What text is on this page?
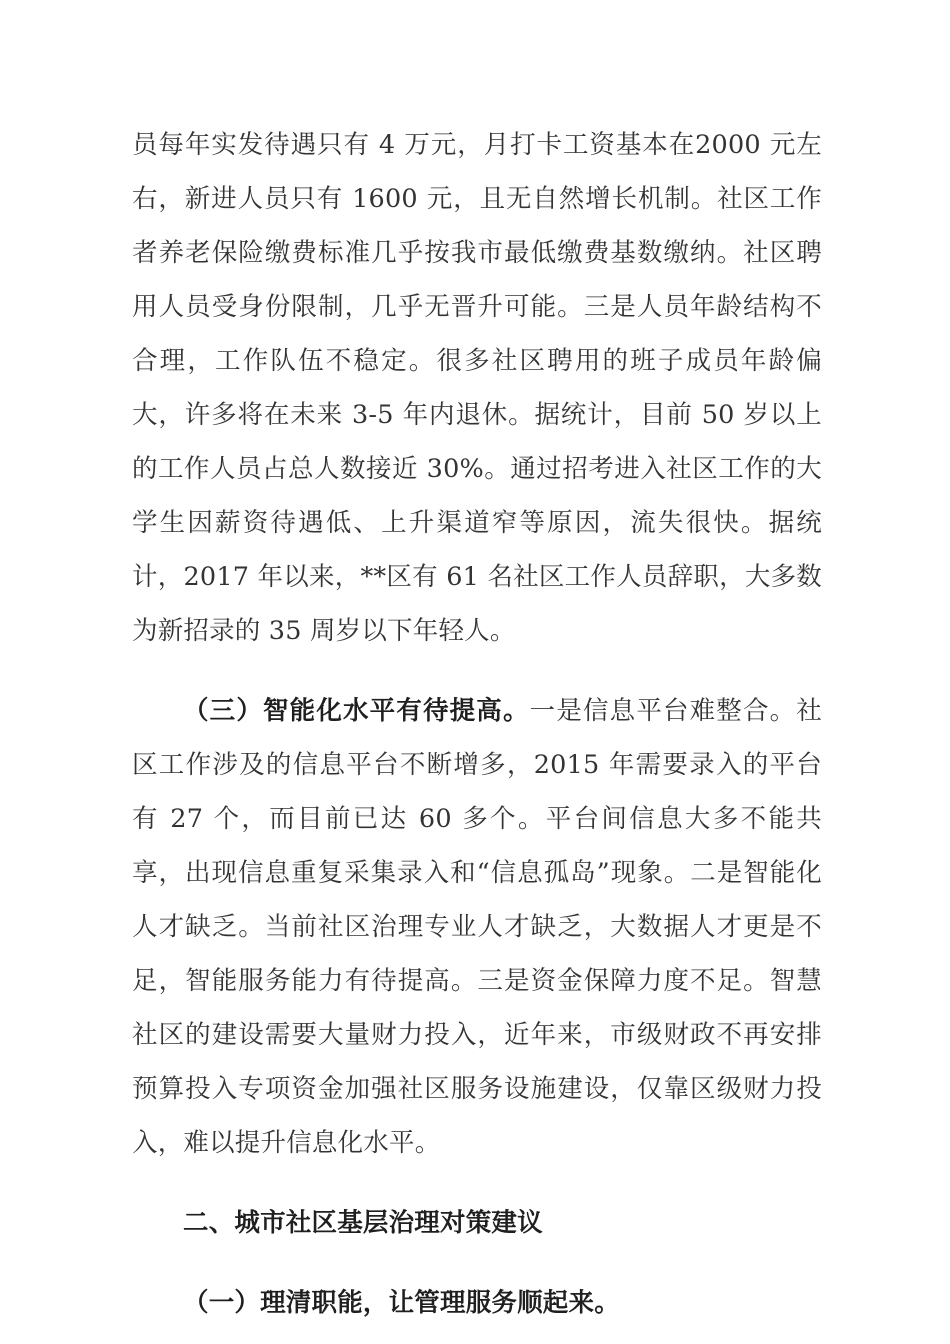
员每年实发待遇只有 4 万元，月打卡工资基本在2000 元左右，新进人员只有 1600 元，且无自然增长机制。社区工作者养老保险缴费标准几乎按我市最低缴费基数缴纳。社区聘用人员受身份限制，几乎无晋升可能。三是人员年龄结构不合理，工作队伍不稳定。很多社区聘用的班子成员年龄偏大，许多将在未来 3-5 年内退休。据统计，目前 50 岁以上的工作人员占总人数接近 30%。通过招考进入社区工作的大学生因薪资待遇低、上升渠道窄等原因，流失很快。据统计，2017 年以来，**区有 61 名社区工作人员辞职，大多数为新招录的 35 周岁以下年轻人。

（三）智能化水平有待提高。一是信息平台难整合。社区工作涉及的信息平台不断增多，2015 年需要录入的平台有 27 个，而目前已达 60 多个。平台间信息大多不能共享，出现信息重复采集录入和“信息孤岛”现象。二是智能化人才缺乏。当前社区治理专业人才缺乏，大数据人才更是不足，智能服务能力有待提高。三是资金保障力度不足。智慧社区的建设需要大量财力投入，近年来，市级财政不再安排预算投入专项资金加强社区服务设施建设，仅靠区级财力投入，难以提升信息化水平。

二、城市社区基层治理对策建议

（一）理清职能，让管理服务顺起来。
